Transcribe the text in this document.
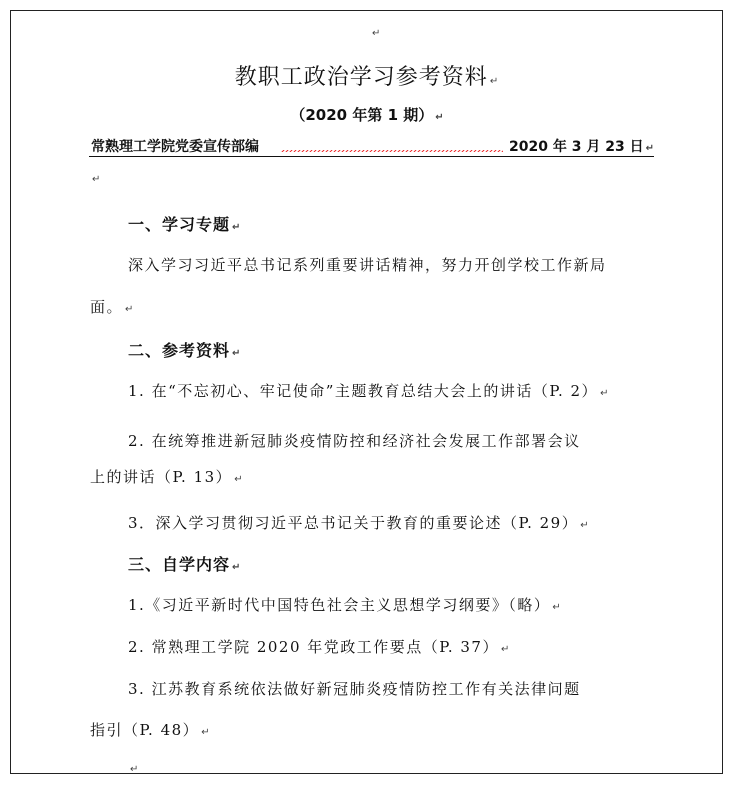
↵
教职工政治学习参考资料 ↵
（2020 年第 1 期） ↵
常熟理工学院党委宣传部编	2020 年 3 月 23 日 ↵
↵
一、学习专题 ↵
深入学习习近平总书记系列重要讲话精神，努力开创学校工作新局
面。 ↵
二、参考资料 ↵
1. 在“不忘初心、牢记使命”主题教育总结大会上的讲话（P. 2） ↵
2. 在统筹推进新冠肺炎疫情防控和经济社会发展工作部署会议
上的讲话（P. 13） ↵
3．深入学习贯彻习近平总书记关于教育的重要论述（P. 29） ↵
三、自学内容 ↵
1.《习近平新时代中国特色社会主义思想学习纲要》（略） ↵
2. 常熟理工学院 2020 年党政工作要点（P. 37） ↵
3. 江苏教育系统依法做好新冠肺炎疫情防控工作有关法律问题
指引（P. 48） ↵
↵
